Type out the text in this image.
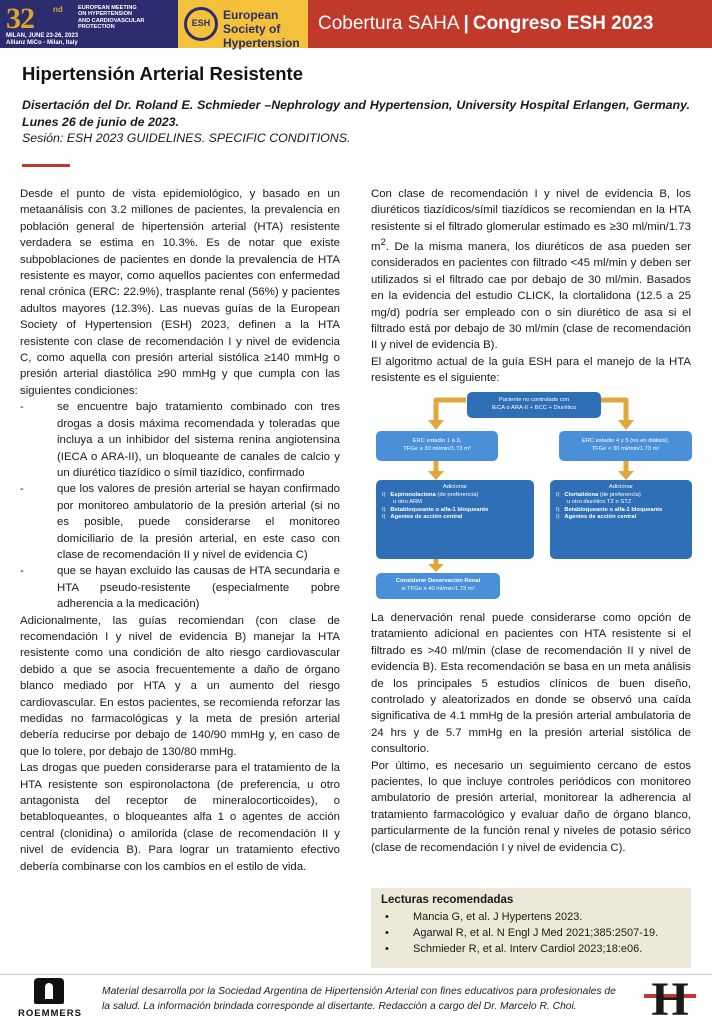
32 nd	EUROPEAN MEETING
ON HYPERTENSION
AND CARDIOVASCULAR
PROTECTION
MILAN, JUNE 23-26, 2023
Allianz MiCo - Milan, Italy
ESH
European
Society of
Hypertension
Cobertura SAHA | Congreso ESH 2023
Hipertensión Arterial Resistente

Disertación del Dr. Roland E. Schmieder –Nephrology and Hypertension, University Hospital Erlangen, Germany. Lunes 26 de junio de 2023.

Sesión: ESH 2023 GUIDELINES. SPECIFIC CONDITIONS.

Desde el punto de vista epidemiológico, y basado en un metaanálisis con 3.2 millones de pacientes, la prevalencia en población general de hipertensión arterial (HTA) resistente verdadera se estima en 10.3%. Es de notar que existe subpoblaciones de pacientes en donde la prevalencia de HTA resistente es mayor, como aquellos pacientes con enfermedad renal crónica (ERC: 22.9%), trasplante renal (56%) y pacientes adultos mayores (12.3%). Las nuevas guías de la European Society of Hypertension (ESH) 2023, definen a la HTA resistente con clase de recomendación I y nivel de evidencia C, como aquella con presión arterial sistólica ≥140 mmHg o presión arterial diastólica ≥90 mmHg y que cumpla con las siguientes condiciones:

-	se encuentre bajo tratamiento combinado con tres drogas a dosis máxima recomendada y toleradas que incluya a un inhibidor del sistema renina angiotensina (IECA o ARA-II), un bloqueante de canales de calcio y un diurético tiazídico o símil tiazídico, confirmado
-	que los valores de presión arterial se hayan confirmado por monitoreo ambulatorio de la presión arterial (si no es posible, puede considerarse el monitoreo domiciliario de la presión arterial, en este caso con clase de recomendación II y nivel de evidencia C)
-	que se hayan excluido las causas de HTA secundaria e HTA pseudo-resistente (especialmente pobre adherencia a la medicación)

Adicionalmente, las guías recomiendan (con clase de recomendación I y nivel de evidencia B) manejar la HTA resistente como una condición de alto riesgo cardiovascular debido a que se asocia frecuentemente a daño de órgano blanco mediado por HTA y a un aumento del riesgo cardiovascular. En estos pacientes, se recomienda reforzar las medidas no farmacológicas y la meta de presión arterial debería reducirse por debajo de 140/90 mmHg y, en caso de que lo tolere, por debajo de 130/80 mmHg.

Las drogas que pueden considerarse para el tratamiento de la HTA resistente son espironolactona (de preferencia, u otro antagonista del receptor de mineralocorticoides), o betabloqueantes, o bloqueantes alfa 1 o agentes de acción central (clonidina) o amilorida (clase de recomendación II y nivel de evidencia B). Para lograr un tratamiento efectivo debería combinarse con los cambios en el estilo de vida.

Con clase de recomendación I y nivel de evidencia B, los diuréticos tiazídicos/símil tiazídicos se recomiendan en la HTA resistente si el filtrado glomerular estimado es ≥30 ml/min/1.73 $m^2$. De la misma manera, los diuréticos de asa pueden ser considerados en pacientes con filtrado <45 ml/min y deben ser utilizados si el filtrado cae por debajo de 30 ml/min. Basados en la evidencia del estudio CLICK, la clortalidona (12.5 a 25 mg/d) podría ser empleado con o sin diurético de asa si el filtrado está por debajo de 30 ml/min (clase de recomendación II y nivel de evidencia B).

El algoritmo actual de la guía ESH para el manejo de la HTA resistente es el siguiente:

Paciente no controlado con
IECA o ARA-II + BCC + Diurético
ERC estadio 1 a 3,
TFGe ≥ 30 ml/min/1.73 m²
ERC estadio 4 y 5 (no en diálisis),
TFGe < 30 ml/min/1.73 m²
Adicionar
I) Espironolactona (de preferencia)
u otro ARM
I) Betabloqueante o alfa-1 bloqueante
I) Agentes de acción central
Adicionar
I) Clortalidona (de preferencia)
u otro diurético TZ o STZ
I) Betabloqueante o alfa-1 bloqueante
I) Agentes de acción central
Considerar Denervación Renal
si TFGe ≥ 40 ml/min/1.73 m²

La denervación renal puede considerarse como opción de tratamiento adicional en pacientes con HTA resistente si el filtrado es >40 ml/min (clase de recomendación II y nivel de evidencia B). Esta recomendación se basa en un meta análisis de los principales 5 estudios clínicos de buen diseño, controlado y aleatorizados en donde se observó una caída significativa de 4.1 mmHg de la presión arterial ambulatoria de 24 hrs y de 5.7 mmHg en la presión arterial sistólica de consultorio.

Por último, es necesario un seguimiento cercano de estos pacientes, lo que incluye controles periódicos con monitoreo ambulatorio de presión arterial, monitorear la adherencia al tratamiento farmacológico y evaluar daño de órgano blanco, particularmente de la función renal y niveles de potasio sérico (clase de recomendación I y nivel de evidencia C).

Lecturas recomendadas
• Mancia G, et al. J Hypertens 2023.
• Agarwal R, et al. N Engl J Med 2021;385:2507-19.
• Schmieder R, et al. Interv Cardiol 2023;18:e06.
ROEMMERS

Material desarrolla por la Sociedad Argentina de Hipertensión Arterial con fines educativos para profesionales de la salud. La información brindada corresponde al disertante. Redacción a cargo del Dr. Marcelo R. Choi.	H
